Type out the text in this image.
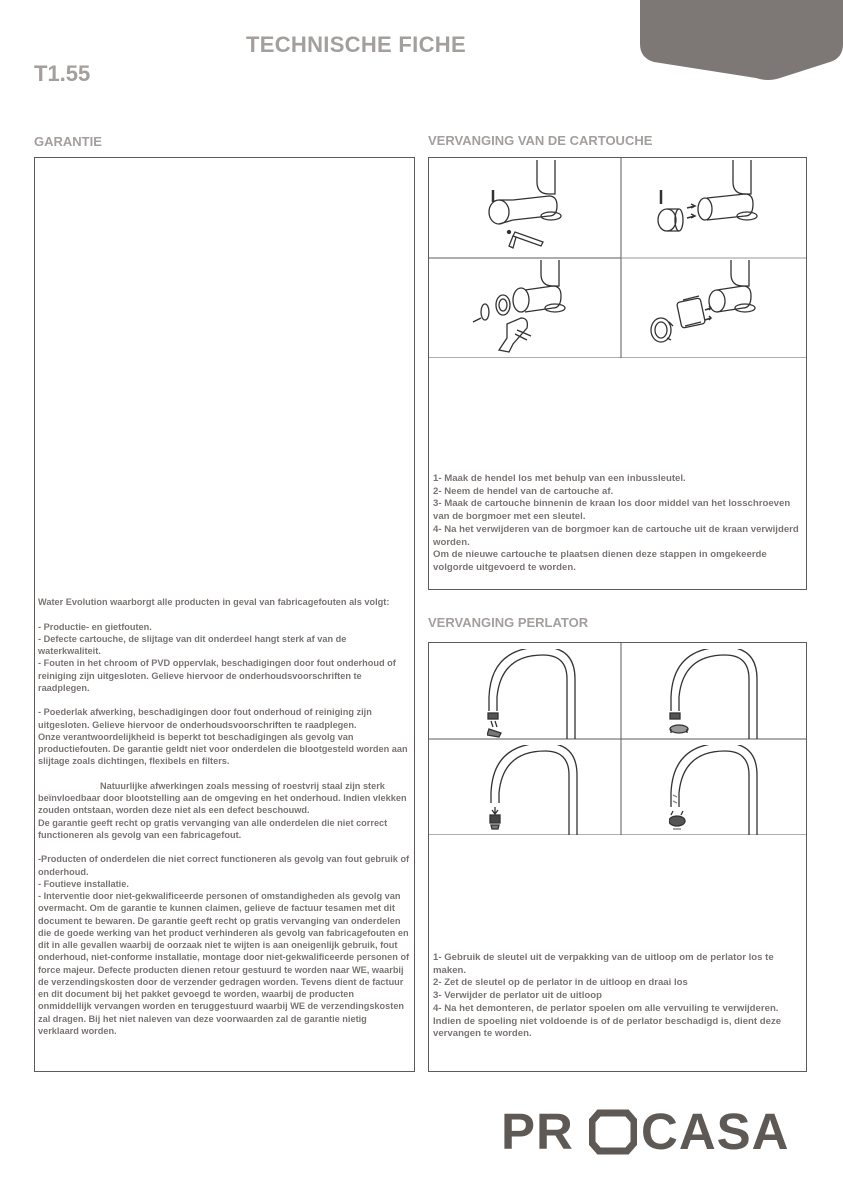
TECHNISCHE FICHE
T1.55
GARANTIE	VERVANGING VAN DE CARTOUCHE
VERVANGING PERLATOR

Water Evolution waarborgt alle producten in geval van fabricagefouten als volgt:

- Productie- en gietfouten.

- Defecte cartouche, de slijtage van dit onderdeel hangt sterk af van de waterkwaliteit.

- Fouten in het chroom of PVD oppervlak, beschadigingen door fout onderhoud of reiniging zijn uitgesloten. Gelieve hiervoor de onderhoudsvoorschriften te raadplegen.

- Poederlak afwerking, beschadigingen door fout onderhoud of reiniging zijn uitgesloten. Gelieve hiervoor de onderhoudsvoorschriften te raadplegen.

Onze verantwoordelijkheid is beperkt tot beschadigingen als gevolg van productiefouten. De garantie geldt niet voor onderdelen die blootgesteld worden aan slijtage zoals dichtingen, flexibels en filters.

Natuurlijke afwerkingen zoals messing of roestvrij staal zijn sterk beïnvloedbaar door blootstelling aan de omgeving en het onderhoud. Indien vlekken zouden ontstaan, worden deze niet als een defect beschouwd.

De garantie geeft recht op gratis vervanging van alle onderdelen die niet correct functioneren als gevolg van een fabricagefout.

-Producten of onderdelen die niet correct functioneren als gevolg van fout gebruik of onderhoud.

- Foutieve installatie.

- Interventie door niet-gekwalificeerde personen of omstandigheden als gevolg van overmacht. Om de garantie te kunnen claimen, gelieve de factuur tesamen met dit document te bewaren. De garantie geeft recht op gratis vervanging van onderdelen die de goede werking van het product verhinderen als gevolg van fabricagefouten en dit in alle gevallen waarbij de oorzaak niet te wijten is aan oneigenlijk gebruik, fout onderhoud, niet-conforme installatie, montage door niet-gekwalificeerde personen of force majeur. Defecte producten dienen retour gestuurd te worden naar WE, waarbij de verzendingskosten door de verzender gedragen worden. Tevens dient de factuur en dit document bij het pakket gevoegd te worden, waarbij de producten onmiddellijk vervangen worden en teruggestuurd waarbij WE de verzendingskosten zal dragen. Bij het niet naleven van deze voorwaarden zal de garantie nietig verklaard worden.

1- Maak de hendel los met behulp van een inbussleutel.

2- Neem de hendel van de cartouche af.

3- Maak de cartouche binnenin de kraan los door middel van het losschroeven van de borgmoer met een sleutel.

4- Na het verwijderen van de borgmoer kan de cartouche uit de kraan verwijderd worden.

Om de nieuwe cartouche te plaatsen dienen deze stappen in omgekeerde volgorde uitgevoerd te worden.

1- Gebruik de sleutel uit de verpakking van de uitloop om de perlator los te maken.

2- Zet de sleutel op de perlator in de uitloop en draai los

3- Verwijder de perlator uit de uitloop

4- Na het demonteren, de perlator spoelen om alle vervuiling te verwijderen.

Indien de spoeling niet voldoende is of de perlator beschadigd is, dient deze vervangen te worden.

PR CASA
